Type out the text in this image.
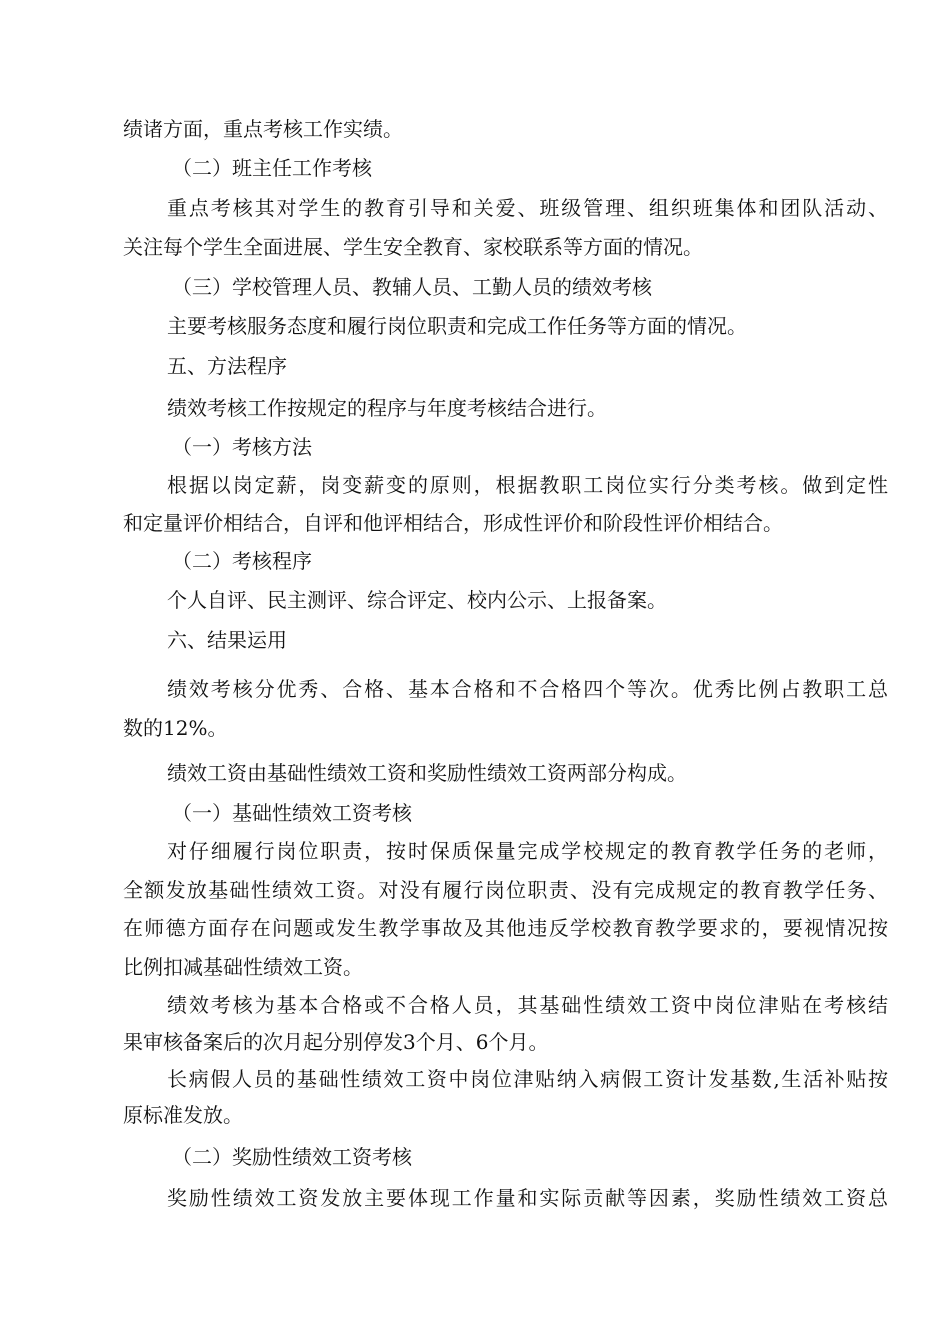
绩诸方面，重点考核工作实绩。

（二）班主任工作考核

重点考核其对学生的教育引导和关爱、班级管理、组织班集体和团队活动、

关注每个学生全面进展、学生安全教育、家校联系等方面的情况。

（三）学校管理人员、教辅人员、工勤人员的绩效考核

主要考核服务态度和履行岗位职责和完成工作任务等方面的情况。

五、方法程序

绩效考核工作按规定的程序与年度考核结合进行。

（一）考核方法

根据以岗定薪，岗变薪变的原则，根据教职工岗位实行分类考核。做到定性

和定量评价相结合，自评和他评相结合，形成性评价和阶段性评价相结合。

（二）考核程序

个人自评、民主测评、综合评定、校内公示、上报备案。

六、结果运用

绩效考核分优秀、合格、基本合格和不合格四个等次。优秀比例占教职工总

数的12%。

绩效工资由基础性绩效工资和奖励性绩效工资两部分构成。

（一）基础性绩效工资考核

对仔细履行岗位职责，按时保质保量完成学校规定的教育教学任务的老师，

全额发放基础性绩效工资。对没有履行岗位职责、没有完成规定的教育教学任务、

在师德方面存在问题或发生教学事故及其他违反学校教育教学要求的，要视情况按

比例扣减基础性绩效工资。

绩效考核为基本合格或不合格人员，其基础性绩效工资中岗位津贴在考核结

果审核备案后的次月起分别停发3个月、6个月。

长病假人员的基础性绩效工资中岗位津贴纳入病假工资计发基数,生活补贴按

原标准发放。

（二）奖励性绩效工资考核

奖励性绩效工资发放主要体现工作量和实际贡献等因素，奖励性绩效工资总
